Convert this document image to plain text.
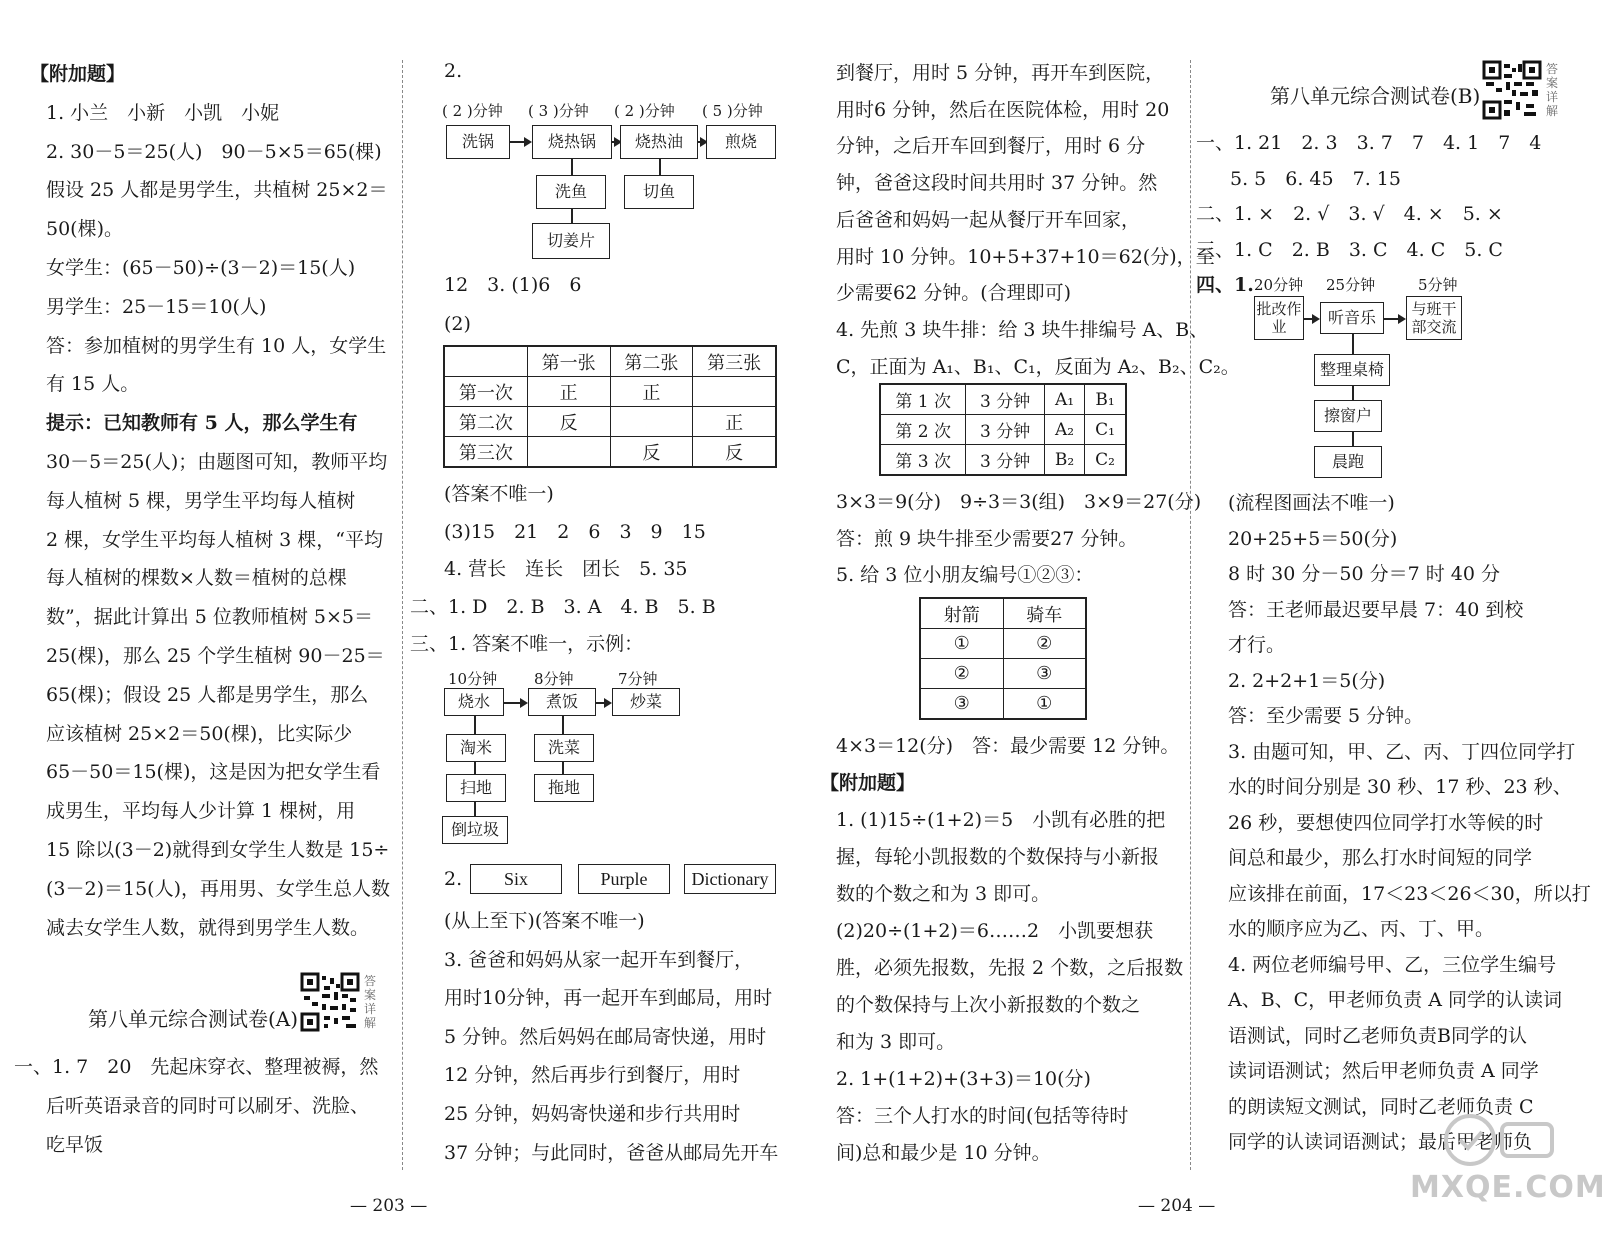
【附加题】
1. 小兰　小新　小凯　小妮
2. 30－5＝25(人)　90－5×5＝65(棵)
假设 25 人都是男学生，共植树 25×2＝
50(棵)。
女学生：(65－50)÷(3－2)＝15(人)
男学生：25－15＝10(人)
答：参加植树的男学生有 10 人，女学生
有 15 人。
提示：已知教师有 5 人，那么学生有
30－5＝25(人)；由题图可知，教师平均
每人植树 5 棵，男学生平均每人植树
2 棵，女学生平均每人植树 3 棵，“平均
每人植树的棵数×人数＝植树的总棵
数”，据此计算出 5 位教师植树 5×5＝
25(棵)，那么 25 个学生植树 90－25＝
65(棵)；假设 25 人都是男学生，那么
应该植树 25×2＝50(棵)，比实际少
65－50＝15(棵)，这是因为把女学生看
成男生，平均每人少计算 1 棵树，用
15 除以(3－2)就得到女学生人数是 15÷
(3－2)＝15(人)，再用男、女学生总人数
减去女学生人数，就得到男学生人数。
第八单元综合测试卷(A)
答案详解
一、1. 7　20　先起床穿衣、整理被褥，然
后听英语录音的同时可以刷牙、洗脸、
吃早饭
2.
( 2 )分钟 ( 3 )分钟 ( 2 )分钟 ( 5 )分钟
洗锅	烧热锅	烧热油	煎烧
洗鱼	切鱼
切姜片
12　3. (1)6　6
(2)
	第一张	第二张	第三张
第一次	正	正	
第二次	反		正
第三次		反	反
(答案不唯一)
(3)15　21　2　6　3　9　15
4. 营长　连长　团长　5. 35
二、1. D　2. B　3. A　4. B　5. B
三、1. 答案不唯一，示例：
10分钟 8分钟	7分钟
烧水	煮饭	炒菜
淘米	洗菜
扫地	拖地
倒垃圾
2.	Six	Purple	Dictionary
(从上至下)(答案不唯一)
3. 爸爸和妈妈从家一起开车到餐厅，
用时10分钟，再一起开车到邮局，用时
5 分钟。然后妈妈在邮局寄快递，用时
12 分钟，然后再步行到餐厅，用时
25 分钟，妈妈寄快递和步行共用时
37 分钟；与此同时，爸爸从邮局先开车
— 203 —
到餐厅，用时 5 分钟，再开车到医院，
用时6 分钟，然后在医院体检，用时 20
分钟，之后开车回到餐厅，用时 6 分
钟，爸爸这段时间共用时 37 分钟。然
后爸爸和妈妈一起从餐厅开车回家，
用时 10 分钟。10+5+37+10＝62(分)，至
少需要62 分钟。(合理即可)
4. 先煎 3 块牛排：给 3 块牛排编号 A、B、
C，正面为 A₁、B₁、C₁，反面为 A₂、B₂、C₂。
第 1 次	3 分钟	A₁	B₁
第 2 次	3 分钟	A₂	C₁
第 3 次	3 分钟	B₂	C₂
3×3＝9(分)　9÷3＝3(组)　3×9＝27(分)
答：煎 9 块牛排至少需要27 分钟。
5. 给 3 位小朋友编号①②③：
射箭	骑车
①	②
②	③
③	①
4×3＝12(分)　答：最少需要 12 分钟。
【附加题】
1. (1)15÷(1+2)＝5　小凯有必胜的把
握，每轮小凯报数的个数保持与小新报
数的个数之和为 3 即可。
(2)20÷(1+2)＝6……2　小凯要想获
胜，必须先报数，先报 2 个数，之后报数
的个数保持与上次小新报数的个数之
和为 3 即可。
2. 1+(1+2)+(3+3)＝10(分)
答：三个人打水的时间(包括等待时
间)总和最少是 10 分钟。
第八单元综合测试卷(B)
答案详解
一、1. 21　2. 3　3. 7　7　4. 1　7　4
5. 5　6. 45　7. 15
二、1. ×　2. √　3. √　4. ×　5. ×
三、1. C　2. B　3. C　4. C　5. C
四、1. 20分钟 25分钟	5分钟
批改作业	听音乐	与班干部交流
整理桌椅
擦窗户
晨跑
(流程图画法不唯一)
20+25+5＝50(分)
8 时 30 分－50 分＝7 时 40 分
答：王老师最迟要早晨 7：40 到校
才行。
2. 2+2+1＝5(分)
答：至少需要 5 分钟。
3. 由题可知，甲、乙、丙、丁四位同学打
水的时间分别是 30 秒、17 秒、23 秒、
26 秒，要想使四位同学打水等候的时
间总和最少，那么打水时间短的同学
应该排在前面，17＜23＜26＜30，所以打
水的顺序应为乙、丙、丁、甲。
4. 两位老师编号甲、乙，三位学生编号
A、B、C，甲老师负责 A 同学的认读词
语测试，同时乙老师负责B同学的认
读词语测试；然后甲老师负责 A 同学
的朗读短文测试，同时乙老师负责 C
同学的认读词语测试；最后甲老师负
— 204 —
MXQE.COM
